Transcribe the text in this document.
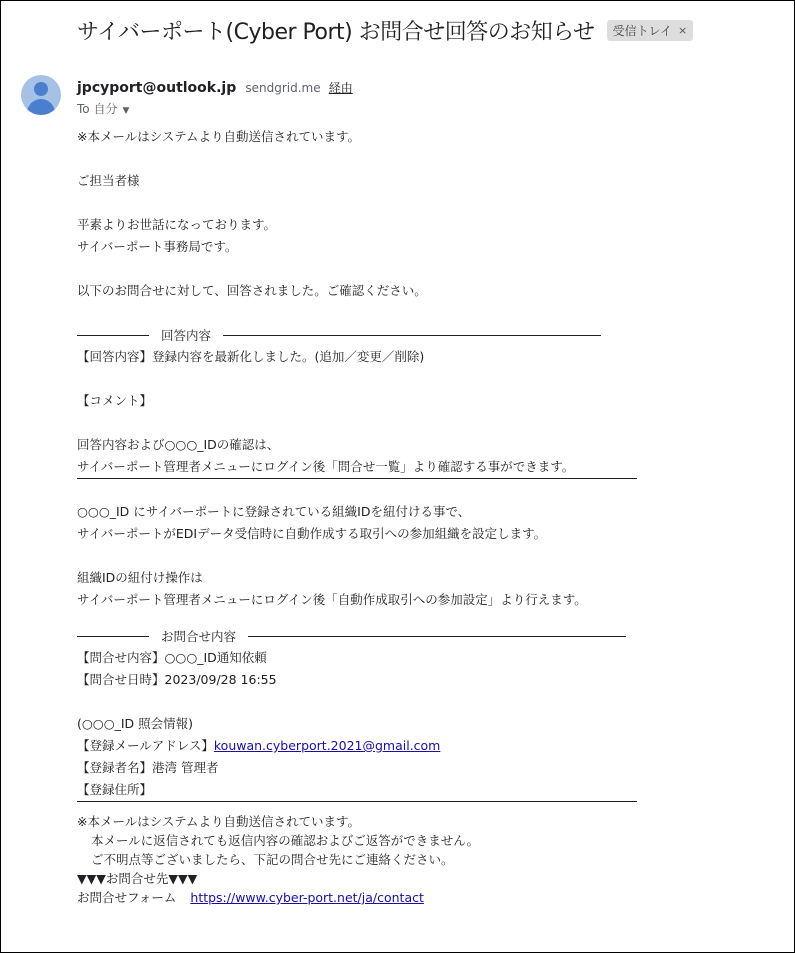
サイバーポート(Cyber Port) お問合せ回答のお知らせ 受信トレイ ×
jpcyport@outlook.jp sendgrid.me 経由
To 自分 ▼
※本メールはシステムより自動送信されています。
ご担当者様
平素よりお世話になっております。
サイバーポート事務局です。
以下のお問合せに対して、回答されました。ご確認ください。
回答内容
【回答内容】登録内容を最新化しました。(追加／変更／削除)
【コメント】
回答内容および○○○_IDの確認は、
サイバーポート管理者メニューにログイン後「問合せ一覧」より確認する事ができます。
○○○_ID にサイバーポートに登録されている組織IDを紐付ける事で、
サイバーポートがEDIデータ受信時に自動作成する取引への参加組織を設定します。
組織IDの紐付け操作は
サイバーポート管理者メニューにログイン後「自動作成取引への参加設定」より行えます。
お問合せ内容
【問合せ内容】○○○_ID通知依頼
【問合せ日時】2023/09/28 16:55
(○○○_ID 照会情報)
【登録メールアドレス】kouwan.cyberport.2021@gmail.com
【登録者名】港湾 管理者
【登録住所】
※本メールはシステムより自動送信されています。
本メールに返信されても返信内容の確認およびご返答ができません。
ご不明点等ございましたら、下記の問合せ先にご連絡ください。
▼▼▼お問合せ先▼▼▼
お問合せフォーム https://www.cyber-port.net/ja/contact
